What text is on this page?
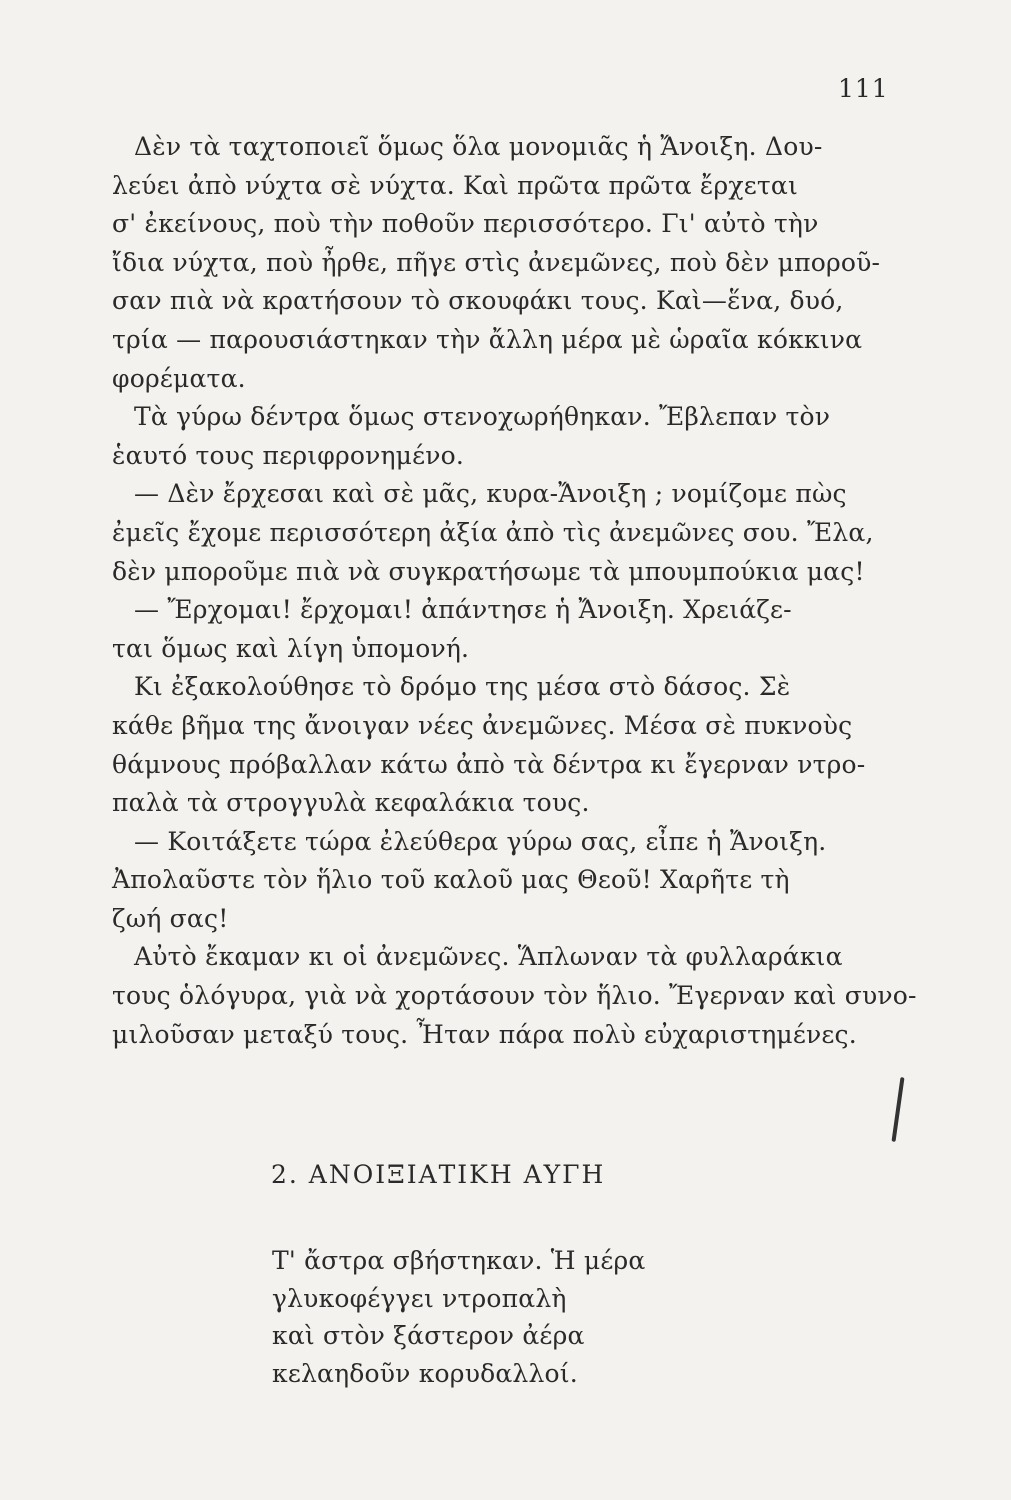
111
Δὲν τὰ ταχτοποιεῖ ὅμως ὅλα μονομιᾶς ἡ Ἄνοιξη. Δου-
λεύει ἀπὸ νύχτα σὲ νύχτα. Καὶ πρῶτα πρῶτα ἔρχεται
σ' ἐκείνους, ποὺ τὴν ποθοῦν περισσότερο. Γι' αὐτὸ τὴν
ἴδια νύχτα, ποὺ ἦρθε, πῆγε στὶς ἀνεμῶνες, ποὺ δὲν μποροῦ-
σαν πιὰ νὰ κρατήσουν τὸ σκουφάκι τους. Καὶ—ἕνα, δυό,
τρία — παρουσιάστηκαν τὴν ἄλλη μέρα μὲ ὡραῖα κόκκινα
φορέματα.
Τὰ γύρω δέντρα ὅμως στενοχωρήθηκαν. Ἔβλεπαν τὸν
ἑαυτό τους περιφρονημένο.
— Δὲν ἔρχεσαι καὶ σὲ μᾶς, κυρα-Ἄνοιξη ; νομίζομε πὼς
ἐμεῖς ἔχομε περισσότερη ἀξία ἀπὸ τὶς ἀνεμῶνες σου. Ἔλα,
δὲν μποροῦμε πιὰ νὰ συγκρατήσωμε τὰ μπουμπούκια μας!
— Ἔρχομαι! ἔρχομαι! ἀπάντησε ἡ Ἄνοιξη. Χρειάζε-
ται ὅμως καὶ λίγη ὑπομονή.
Κι ἐξακολούθησε τὸ δρόμο της μέσα στὸ δάσος. Σὲ
κάθε βῆμα της ἄνοιγαν νέες ἀνεμῶνες. Μέσα σὲ πυκνοὺς
θάμνους πρόβαλλαν κάτω ἀπὸ τὰ δέντρα κι ἔγερναν ντρο-
παλὰ τὰ στρογγυλὰ κεφαλάκια τους.
— Κοιτάξετε τώρα ἐλεύθερα γύρω σας, εἶπε ἡ Ἄνοιξη.
Ἀπολαῦστε τὸν ἥλιο τοῦ καλοῦ μας Θεοῦ! Χαρῆτε τὴ
ζωή σας!
Αὐτὸ ἔκαμαν κι οἱ ἀνεμῶνες. Ἅπλωναν τὰ φυλλαράκια
τους ὁλόγυρα, γιὰ νὰ χορτάσουν τὸν ἥλιο. Ἔγερναν καὶ συνο-
μιλοῦσαν μεταξύ τους. Ἦταν πάρα πολὺ εὐχαριστημένες.
2. ΑΝΟΙΞΙΑΤΙΚΗ ΑΥΓΗ
Τ' ἄστρα σβήστηκαν. Ἡ μέρα
γλυκοφέγγει ντροπαλὴ
καὶ στὸν ξάστερον ἀέρα
κελαηδοῦν κορυδαλλοί.
